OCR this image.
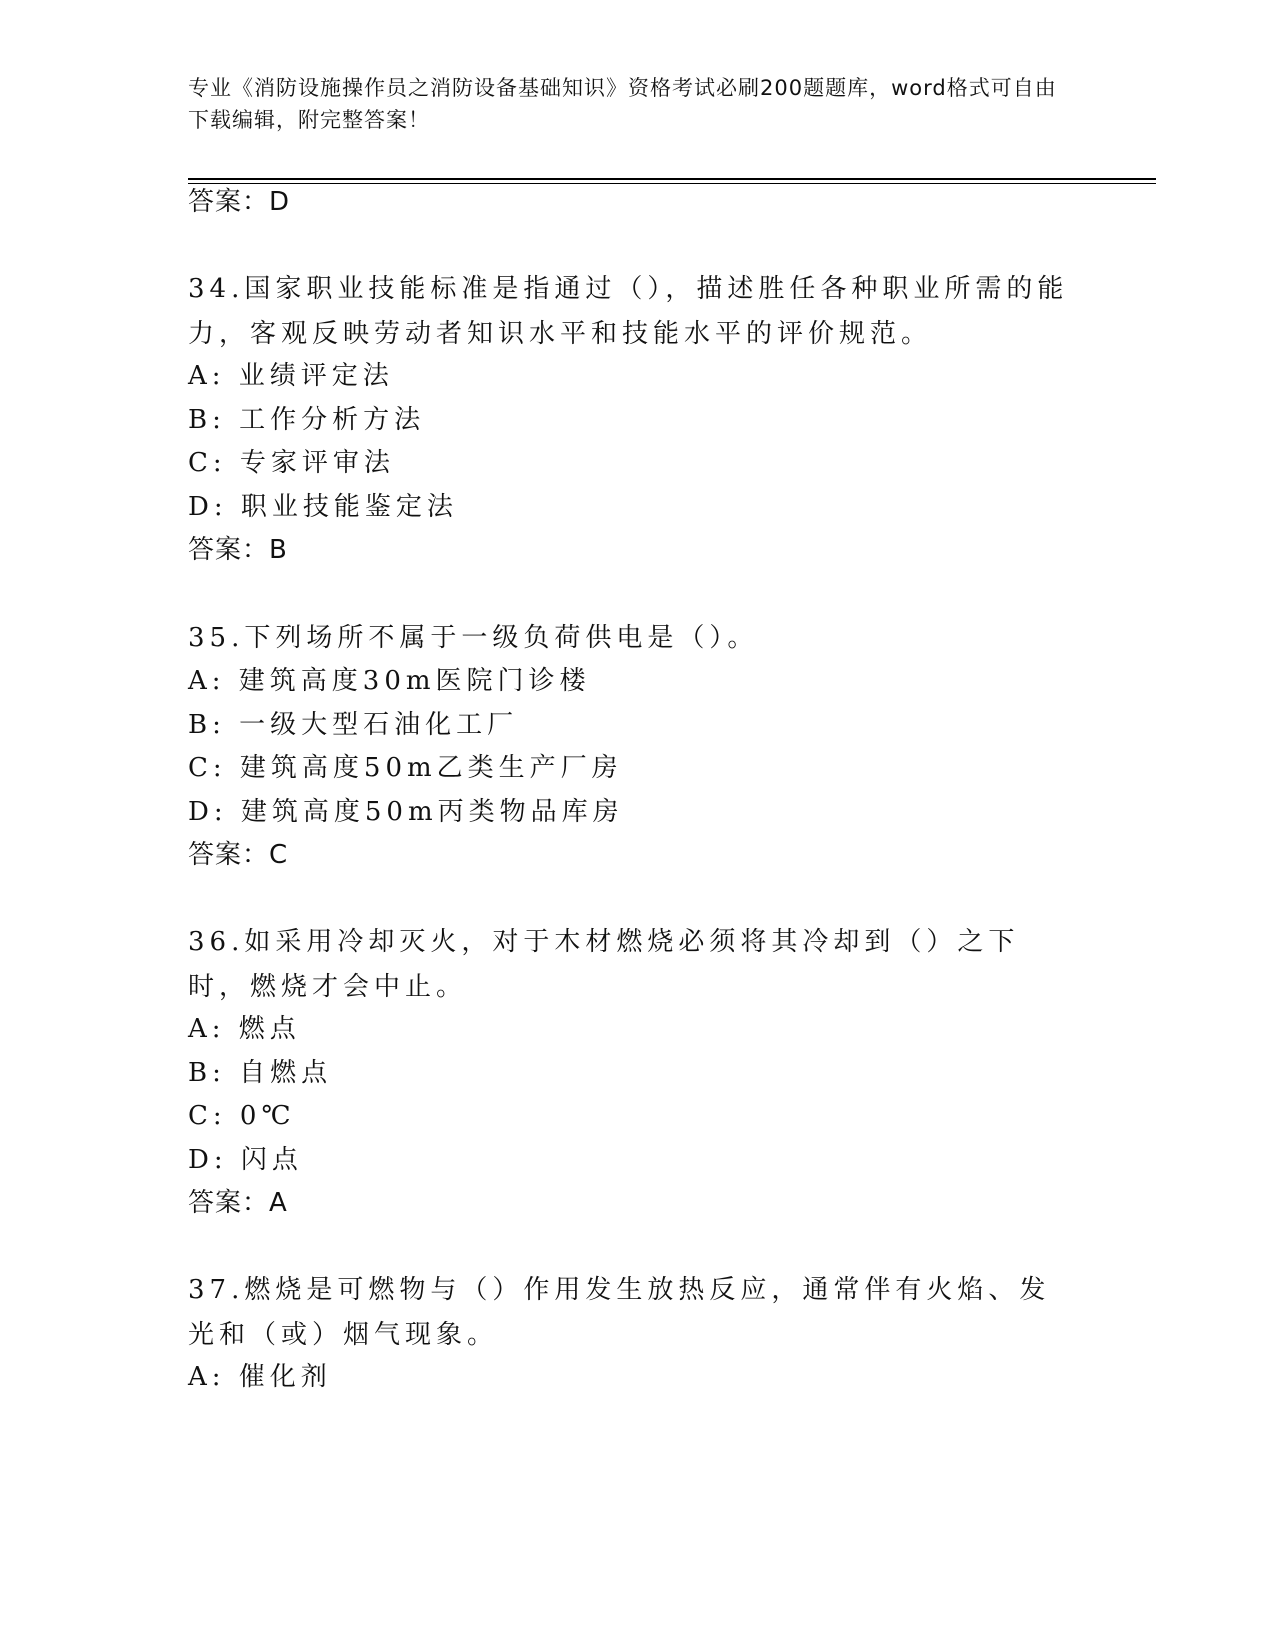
专业《消防设施操作员之消防设备基础知识》资格考试必刷200题题库，word格式可自由下载编辑，附完整答案！
答案：D
34.国家职业技能标准是指通过（），描述胜任各种职业所需的能力，客观反映劳动者知识水平和技能水平的评价规范。
A: 业绩评定法
B: 工作分析方法
C: 专家评审法
D: 职业技能鉴定法
答案：B
35.下列场所不属于一级负荷供电是（）。
A: 建筑高度30m医院门诊楼
B: 一级大型石油化工厂
C: 建筑高度50m乙类生产厂房
D: 建筑高度50m丙类物品库房
答案：C
36.如采用冷却灭火，对于木材燃烧必须将其冷却到（）之下时，燃烧才会中止。
A: 燃点
B: 自燃点
C: 0℃
D: 闪点
答案：A
37.燃烧是可燃物与（）作用发生放热反应，通常伴有火焰、发光和（或）烟气现象。
A: 催化剂
